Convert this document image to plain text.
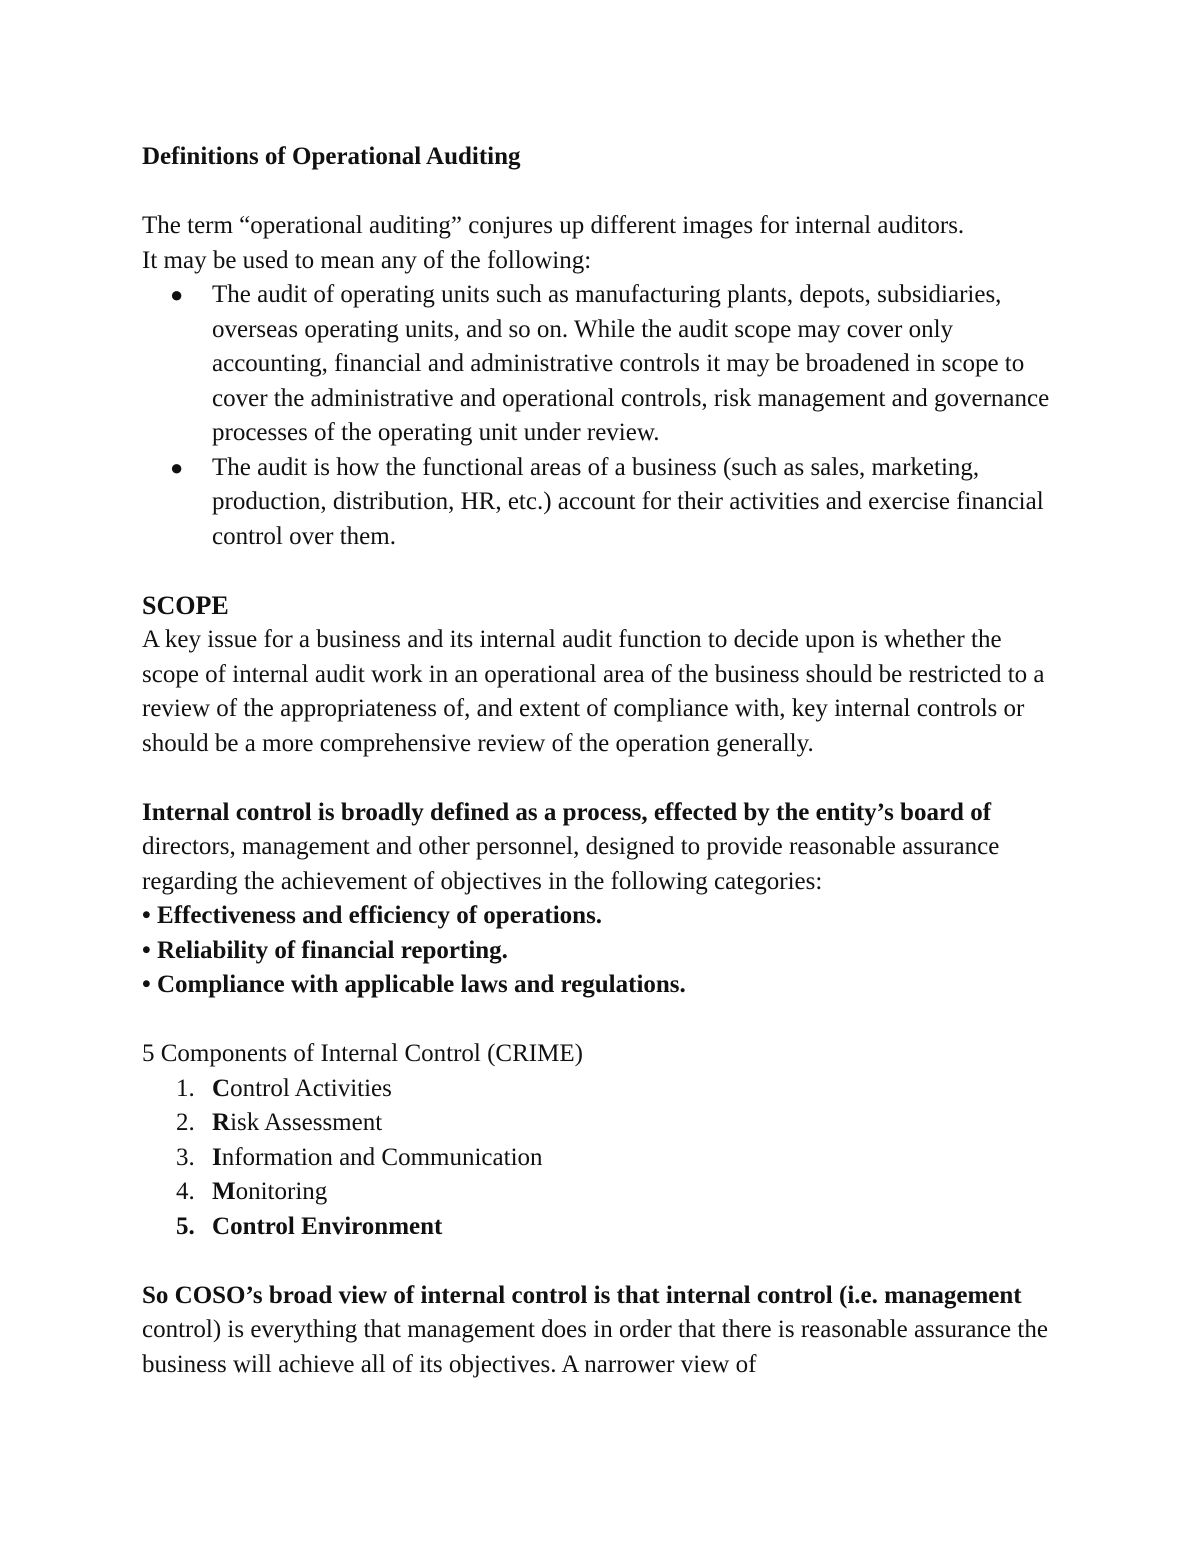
Definitions of Operational Auditing

The term “operational auditing” conjures up different images for internal auditors.
It may be used to mean any of the following:

● The audit of operating units such as manufacturing plants, depots, subsidiaries, overseas operating units, and so on. While the audit scope may cover only accounting, financial and administrative controls it may be broadened in scope to cover the administrative and operational controls, risk management and governance processes of the operating unit under review.
● The audit is how the functional areas of a business (such as sales, marketing, production, distribution, HR, etc.) account for their activities and exercise financial control over them.

SCOPE

A key issue for a business and its internal audit function to decide upon is whether the scope of internal audit work in an operational area of the business should be restricted to a review of the appropriateness of, and extent of compliance with, key internal controls or should be a more comprehensive review of the operation generally.

Internal control is broadly defined as a process, effected by the entity’s board of directors, management and other personnel, designed to provide reasonable assurance regarding the achievement of objectives in the following categories:

• Effectiveness and efficiency of operations.

• Reliability of financial reporting.

• Compliance with applicable laws and regulations.

5 Components of Internal Control (CRIME)

1. Control Activities
2. Risk Assessment
3. Information and Communication
4. Monitoring
5. Control Environment

So COSO’s broad view of internal control is that internal control (i.e. management control) is everything that management does in order that there is reasonable assurance the business will achieve all of its objectives. A narrower view of
